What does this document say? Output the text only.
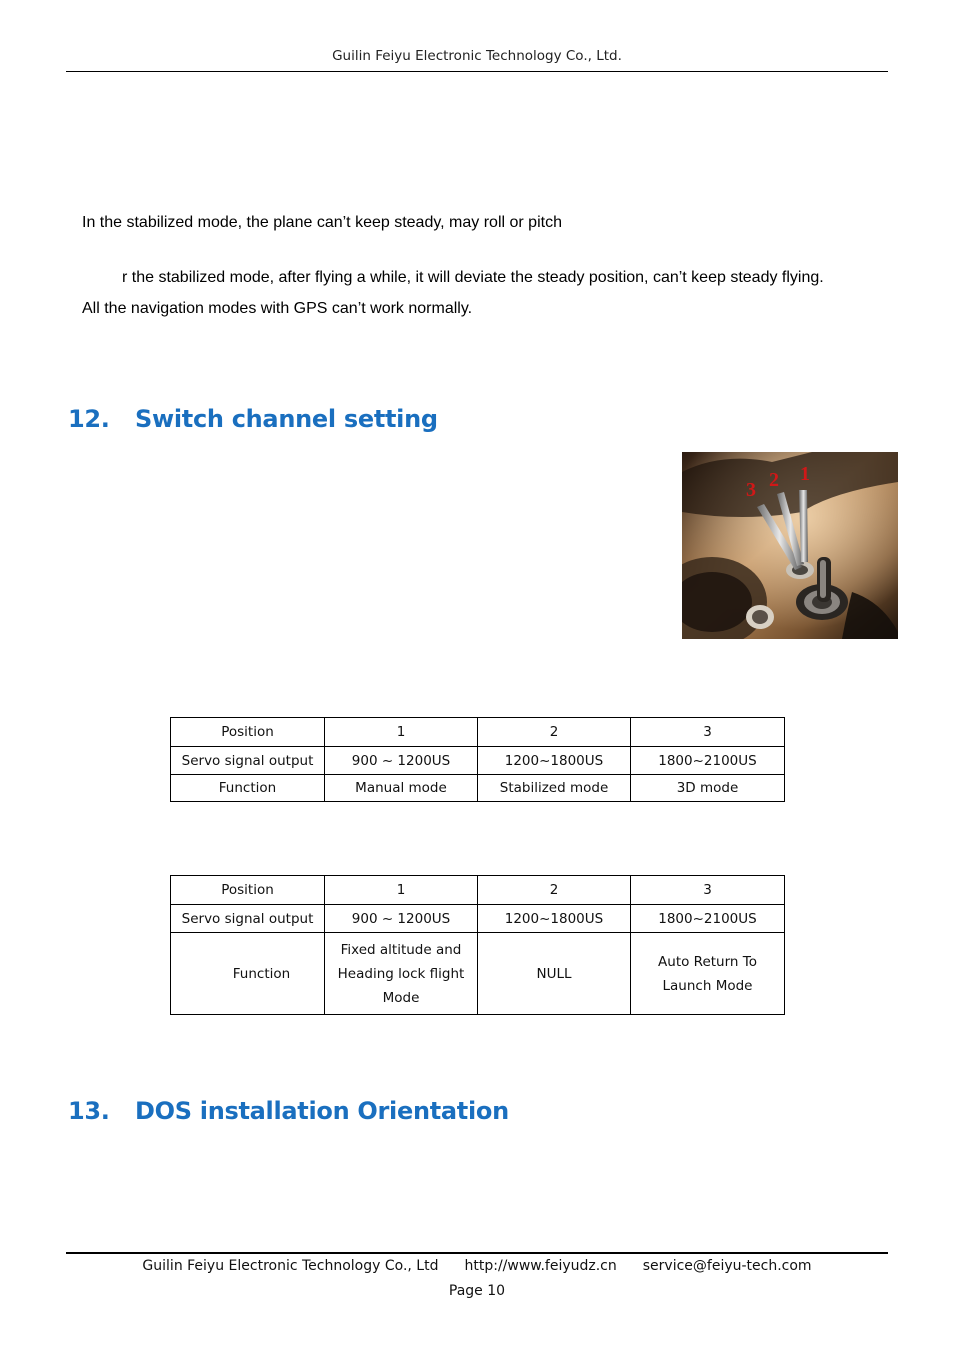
Guilin Feiyu Electronic Technology Co., Ltd.
In the stabilized mode, the plane can’t keep steady, may roll or pitch
r the stabilized mode, after flying a while, it will deviate the steady position, can’t keep steady flying.
All the navigation modes with GPS can’t work normally.
12. Switch channel setting
3 2 1
Position	1	2	3
Servo signal output	900 ~ 1200US	1200~1800US	1800~2100US
Function	Manual mode	Stabilized mode	3D mode
Position	1	2	3
Servo signal output	900 ~ 1200US	1200~1800US	1800~2100US
Function	Fixed altitude and Heading lock flight Mode	NULL	Auto Return To Launch Mode
13. DOS installation Orientation
Guilin Feiyu Electronic Technology Co., Ltd http://www.feiyudz.cn service@feiyu-tech.com
Page 10
